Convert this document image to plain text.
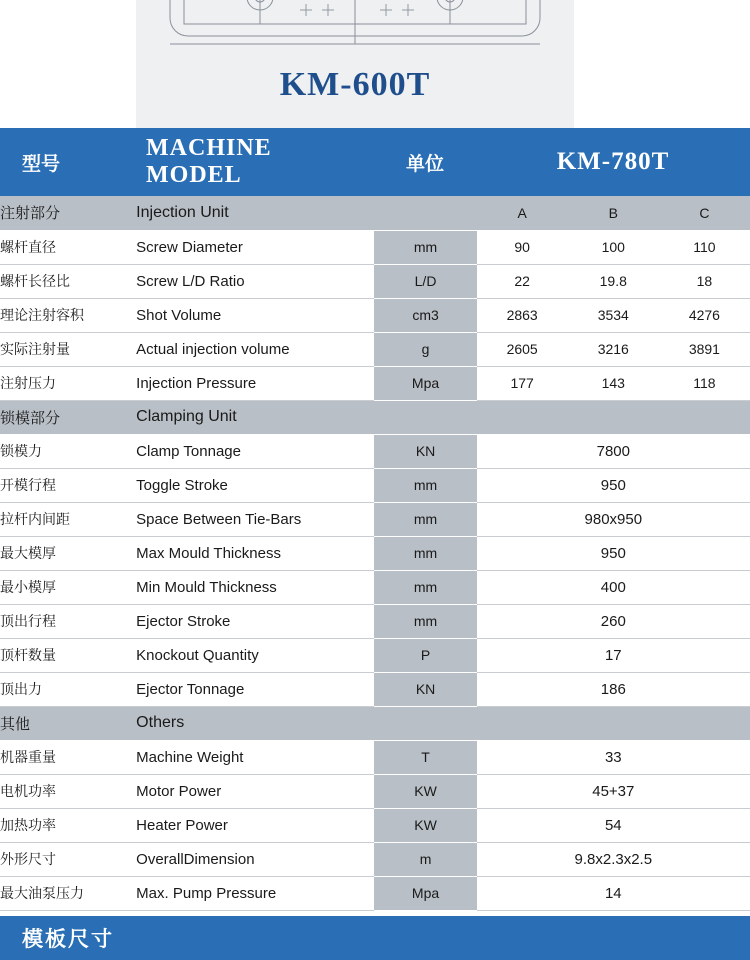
KM-600T
型号
MACHINE MODEL	单位	KM-780T
注射部分	Injection Unit		A	B	C
螺杆直径	Screw Diameter	mm	90	100	110
螺杆长径比	Screw L/D Ratio	L/D	22	19.8	18
理论注射容积	Shot Volume	cm3	2863	3534	4276
实际注射量	Actual injection volume	g	2605	3216	3891
注射压力	Injection Pressure	Mpa	177	143	118
锁模部分	Clamping Unit				
锁模力	Clamp Tonnage	KN	7800		
开模行程	Toggle Stroke	mm	950		
拉杆内间距	Space Between Tie-Bars	mm	980x950		
最大模厚	Max Mould Thickness	mm	950		
最小模厚	Min Mould Thickness	mm	400		
顶出行程	Ejector Stroke	mm	260		
顶杆数量	Knockout Quantity	P	17		
顶出力	Ejector Tonnage	KN	186		
其他	Others				
机器重量	Machine Weight	T	33		
电机功率	Motor Power	KW	45+37		
加热功率	Heater Power	KW	54		
外形尺寸	OverallDimension	m	9.8x2.3x2.5		
最大油泵压力	Max. Pump Pressure	Mpa	14		
模板尺寸
